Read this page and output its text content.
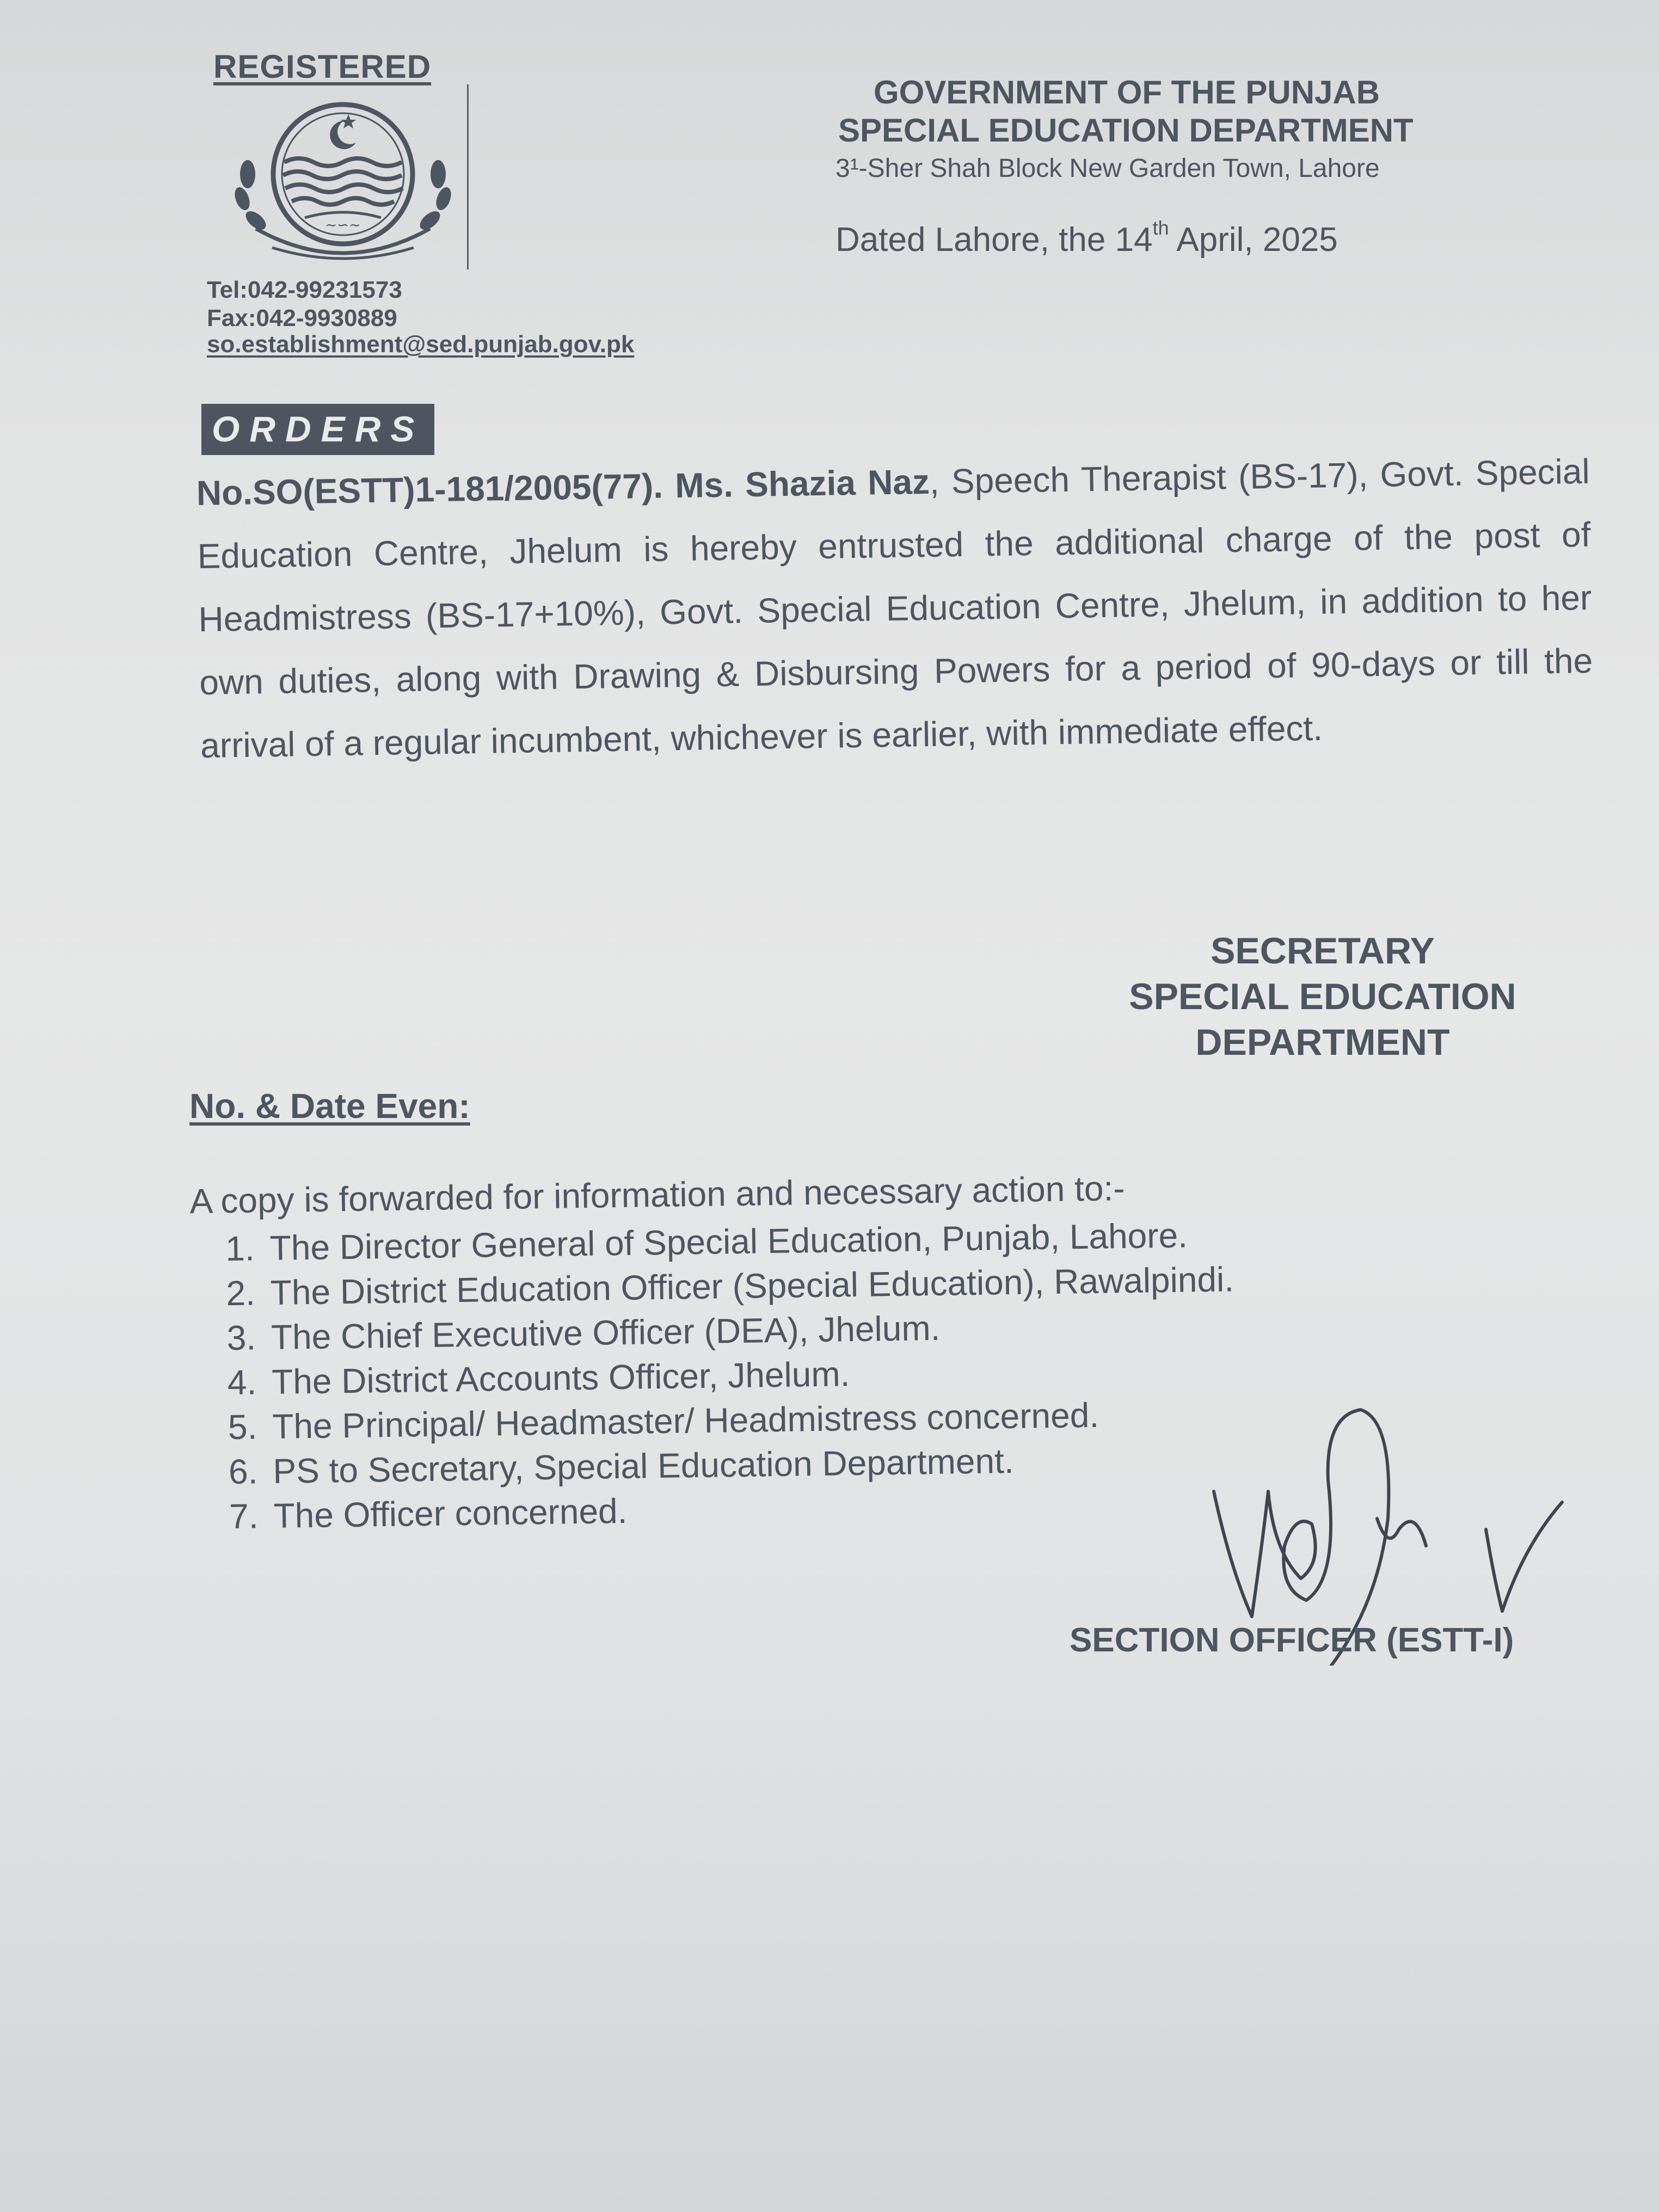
REGISTERED
~∽~
Tel:042-99231573
Fax:042-9930889
so.establishment@sed.punjab.gov.pk
GOVERNMENT OF THE PUNJAB
SPECIAL EDUCATION DEPARTMENT
3¹-Sher Shah Block New Garden Town, Lahore
Dated Lahore, the 14th April, 2025
ORDERS
No.SO(ESTT)1-181/2005(77). Ms. Shazia Naz, Speech Therapist (BS-17), Govt. Special Education Centre, Jhelum is hereby entrusted the additional charge of the post of Headmistress (BS-17+10%), Govt. Special Education Centre, Jhelum, in addition to her own duties, along with Drawing & Disbursing Powers for a period of 90-days or till the arrival of a regular incumbent, whichever is earlier, with immediate effect.
SECRETARY
SPECIAL EDUCATION
DEPARTMENT
No. & Date Even:
A copy is forwarded for information and necessary action to:-
1. The Director General of Special Education, Punjab, Lahore.
2. The District Education Officer (Special Education), Rawalpindi.
3. The Chief Executive Officer (DEA), Jhelum.
4. The District Accounts Officer, Jhelum.
5. The Principal/ Headmaster/ Headmistress concerned.
6. PS to Secretary, Special Education Department.
7. The Officer concerned.
SECTION OFFICER (ESTT-I)
